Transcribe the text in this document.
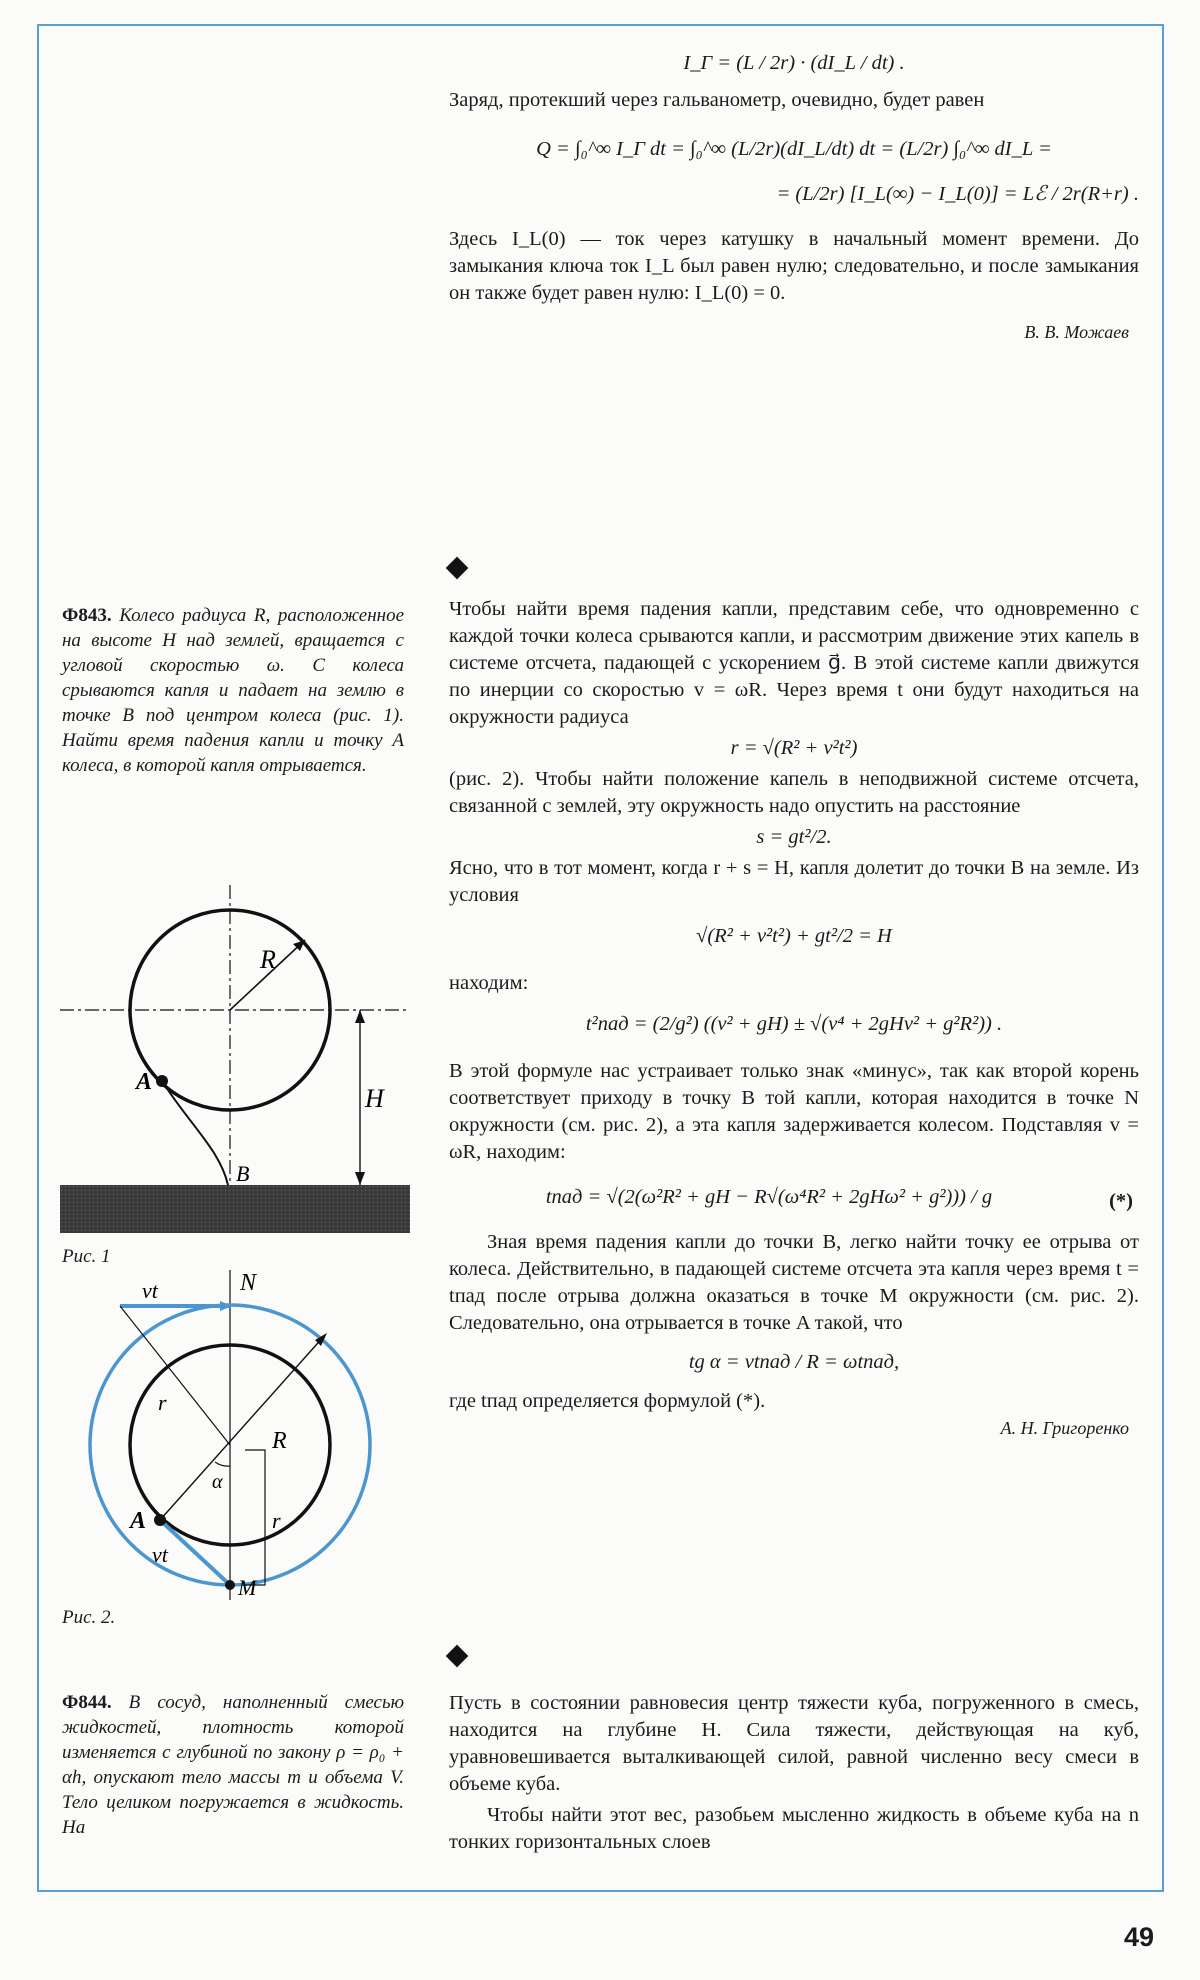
I_Г = (L / 2r) · (dI_L / dt) .

Заряд, протекший через гальванометр, очевидно, будет равен

Q = ∫₀^∞ I_Г dt = ∫₀^∞ (L/2r)(dI_L/dt) dt = (L/2r) ∫₀^∞ dI_L =
= (L/2r) [I_L(∞) − I_L(0)] = Lℰ / 2r(R+r) .

Здесь I_L(0) — ток через катушку в начальный момент времени. До замыкания ключа ток I_L был равен нулю; следовательно, и после замыкания он также будет равен нулю: I_L(0) = 0.

В. В. Можаев

Ф843. Колесо радиуса R, расположенное на высоте H над землей, вращается с угловой скоростью ω. С колеса срываются капля и падает на землю в точке B под центром колеса (рис. 1). Найти время падения капли и точку A колеса, в которой капля отрывается.

R
H
A
B
Рис. 1
N
vt
r
R
α
A	r
vt
M
Рис. 2.

Чтобы найти время падения капли, представим себе, что одновременно с каждой точки колеса срываются капли, и рассмотрим движение этих капель в системе отсчета, падающей с ускорением g⃗. В этой системе капли движутся по инерции со скоростью v = ωR. Через время t они будут находиться на окружности радиуса

r = √(R² + v²t²)

(рис. 2). Чтобы найти положение капель в неподвижной системе отсчета, связанной с землей, эту окружность надо опустить на расстояние

s = gt²/2.

Ясно, что в тот момент, когда r + s = H, капля долетит до точки B на земле. Из условия

√(R² + v²t²) + gt²/2 = H

находим:

t²пад = (2/g²) ((v² + gH) ± √(v⁴ + 2gHv² + g²R²)) .

В этой формуле нас устраивает только знак «минус», так как второй корень соответствует приходу в точку B той капли, которая находится в точке N окружности (см. рис. 2), а эта капля задерживается колесом. Подставляя v = ωR, находим:

tпад = √(2(ω²R² + gH − R√(ω⁴R² + 2gHω² + g²))) / g	(*)

Зная время падения капли до точки B, легко найти точку ее отрыва от колеса. Действительно, в падающей системе отсчета эта капля через время t = tпад после отрыва должна оказаться в точке M окружности (см. рис. 2). Следовательно, она отрывается в точке A такой, что

tg α = vtпад / R = ωtпад,

где tпад определяется формулой (*).

А. Н. Григоренко

Ф844. В сосуд, наполненный смесью жидкостей, плотность которой изменяется с глубиной по закону ρ = ρ₀ + αh, опускают тело массы m и объема V. Тело целиком погружается в жидкость. На

Пусть в состоянии равновесия центр тяжести куба, погруженного в смесь, находится на глубине H. Сила тяжести, действующая на куб, уравновешивается выталкивающей силой, равной численно весу смеси в объеме куба.

Чтобы найти этот вес, разобьем мысленно жидкость в объеме куба на n тонких горизонтальных слоев

49
